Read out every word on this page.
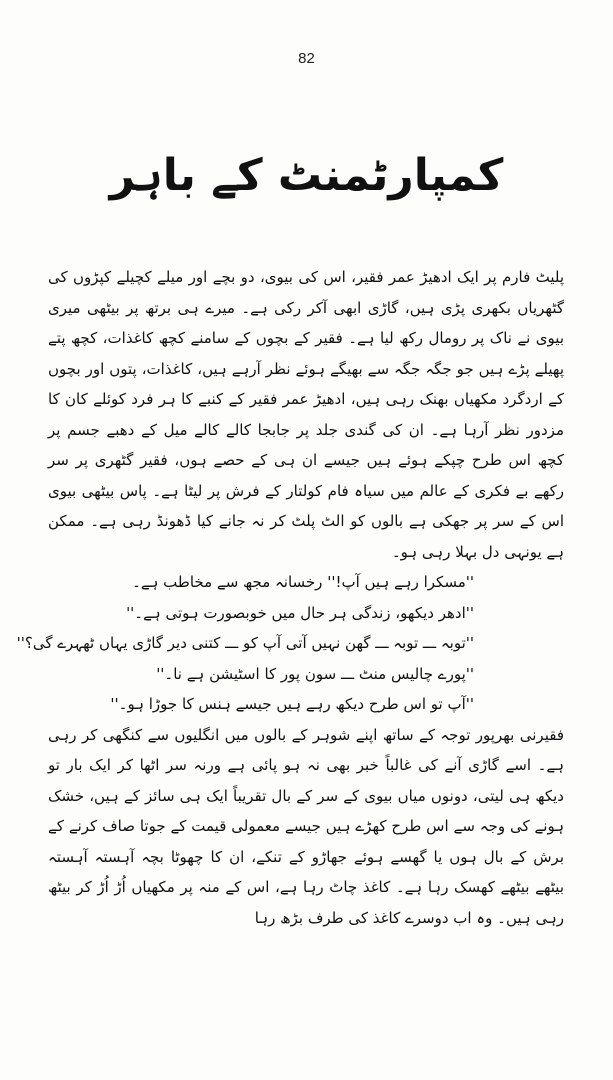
82
کمپارٹمنٹ کے باہر

پلیٹ فارم پر ایک ادھیڑ عمر فقیر، اس کی بیوی، دو بچے اور میلے کچیلے کپڑوں کی گٹھریاں بکھری پڑی ہیں، گاڑی ابھی آکر رکی ہے۔ میرے ہی برتھ پر بیٹھی میری بیوی نے ناک پر رومال رکھ لیا ہے۔ فقیر کے بچوں کے سامنے کچھ کاغذات، کچھ پتے پھیلے پڑے ہیں جو جگہ جگہ سے بھیگے ہوئے نظر آرہے ہیں، کاغذات، پتوں اور بچوں کے اردگرد مکھیاں بھنک رہی ہیں، ادھیڑ عمر فقیر کے کنبے کا ہر فرد کوئلے کان کا مزدور نظر آرہا ہے۔ ان کی گندی جلد پر جابجا کالے کالے میل کے دھبے جسم پر کچھ اس طرح چپکے ہوئے ہیں جیسے ان ہی کے حصے ہوں، فقیر گٹھری پر سر رکھے بے فکری کے عالم میں سیاہ فام کولتار کے فرش پر لیٹا ہے۔ پاس بیٹھی بیوی اس کے سر پر جھکی ہے بالوں کو الٹ پلٹ کر نہ جانے کیا ڈھونڈ رہی ہے۔ ممکن ہے یونہی دل بہلا رہی ہو۔

''مسکرا رہے ہیں آپ!'' رخسانہ مجھ سے مخاطب ہے۔

''ادھر دیکھو، زندگی ہر حال میں خوبصورت ہوتی ہے۔''

''توبہ ـــ توبہ ـــ گھن نہیں آتی آپ کو ـــ کتنی دیر گاڑی یہاں ٹھہرے گی؟''

''پورے چالیس منٹ ـــ سون پور کا اسٹیشن ہے نا۔''

''آپ تو اس طرح دیکھ رہے ہیں جیسے ہنس کا جوڑا ہو۔''

فقیرنی بھرپور توجہ کے ساتھ اپنے شوہر کے بالوں میں انگلیوں سے کنگھی کر رہی ہے۔ اسے گاڑی آنے کی غالباً خبر بھی نہ ہو پائی ہے ورنہ سر اٹھا کر ایک بار تو دیکھ ہی لیتی، دونوں میاں بیوی کے سر کے بال تقریباً ایک ہی سائز کے ہیں، خشک ہونے کی وجہ سے اس طرح کھڑے ہیں جیسے معمولی قیمت کے جوتا صاف کرنے کے برش کے بال ہوں یا گھسے ہوئے جھاڑو کے تنکے، ان کا چھوٹا بچہ آہستہ آہستہ بیٹھے بیٹھے کھسک رہا ہے۔ کاغذ چاٹ رہا ہے، اس کے منہ پر مکھیاں اُڑ اُڑ کر بیٹھ رہی ہیں۔ وہ اب دوسرے کاغذ کی طرف بڑھ رہا
